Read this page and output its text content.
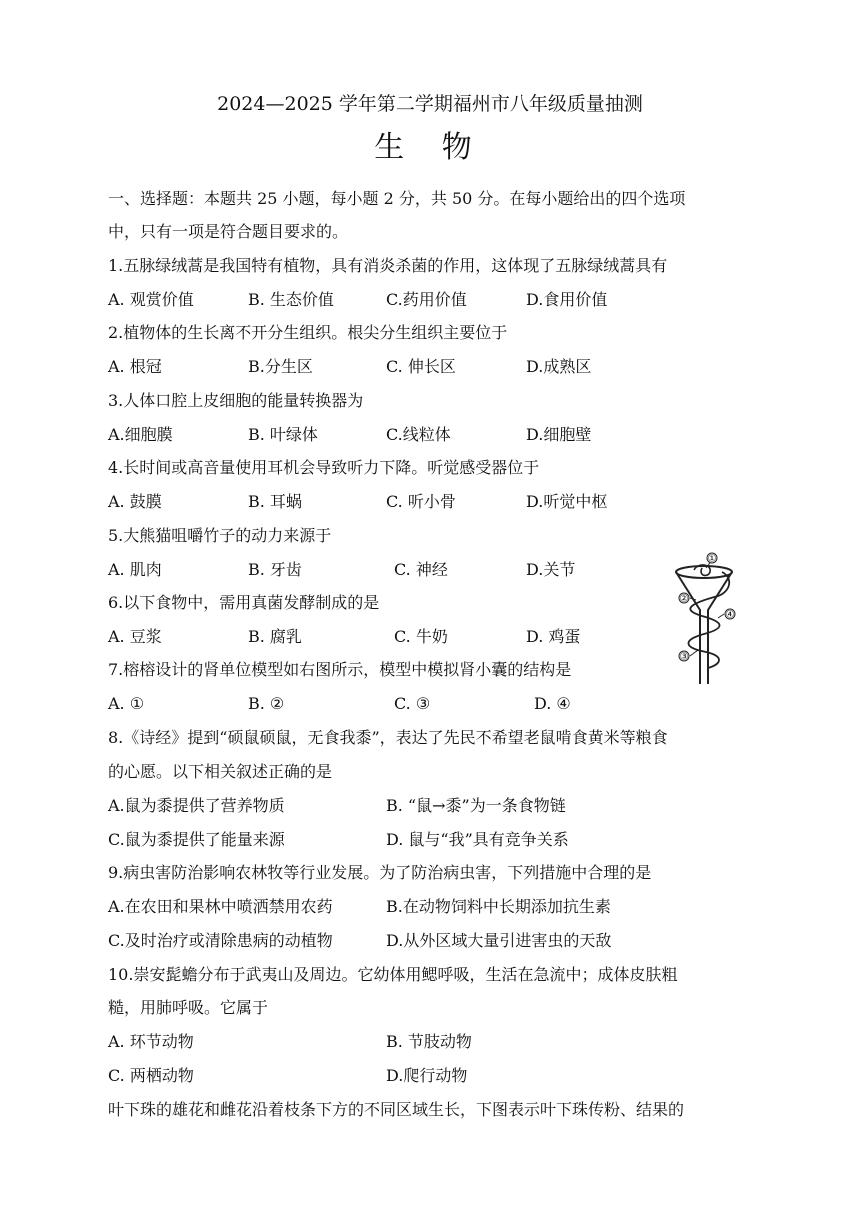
2024—2025 学年第二学期福州市八年级质量抽测
生 物
一、选择题：本题共 25 小题，每小题 2 分，共 50 分。在每小题给出的四个选项
中，只有一项是符合题目要求的。
1.五脉绿绒蒿是我国特有植物，具有消炎杀菌的作用，这体现了五脉绿绒蒿具有
A. 观赏价值	B. 生态价值	C.药用价值	D.食用价值
2.植物体的生长离不开分生组织。根尖分生组织主要位于
A. 根冠	B.分生区	C. 伸长区	D.成熟区
3.人体口腔上皮细胞的能量转换器为
A.细胞膜	B. 叶绿体	C.线粒体	D.细胞壁
4.长时间或高音量使用耳机会导致听力下降。听觉感受器位于
A. 鼓膜	B. 耳蜗	C. 听小骨	D.听觉中枢
5.大熊猫咀嚼竹子的动力来源于
A. 肌肉	B. 牙齿	C. 神经	D.关节
6.以下食物中，需用真菌发酵制成的是
A. 豆浆	B. 腐乳	C. 牛奶	D. 鸡蛋
7.榕榕设计的肾单位模型如右图所示，模型中模拟肾小囊的结构是
A. ①	B. ②	C. ③	D. ④
①
②
④
③
8.《诗经》提到“硕鼠硕鼠，无食我黍”，表达了先民不希望老鼠啃食黄米等粮食
的心愿。以下相关叙述正确的是
A.鼠为黍提供了营养物质	B. “鼠→黍”为一条食物链
C.鼠为黍提供了能量来源	D. 鼠与“我”具有竞争关系
9.病虫害防治影响农林牧等行业发展。为了防治病虫害，下列措施中合理的是
A.在农田和果林中喷洒禁用农药	B.在动物饲料中长期添加抗生素
C.及时治疗或清除患病的动植物	D.从外区域大量引进害虫的天敌
10.崇安髭蟾分布于武夷山及周边。它幼体用鳃呼吸，生活在急流中；成体皮肤粗
糙，用肺呼吸。它属于
A. 环节动物	B. 节肢动物
C. 两栖动物	D.爬行动物
叶下珠的雄花和雌花沿着枝条下方的不同区域生长，下图表示叶下珠传粉、结果的
